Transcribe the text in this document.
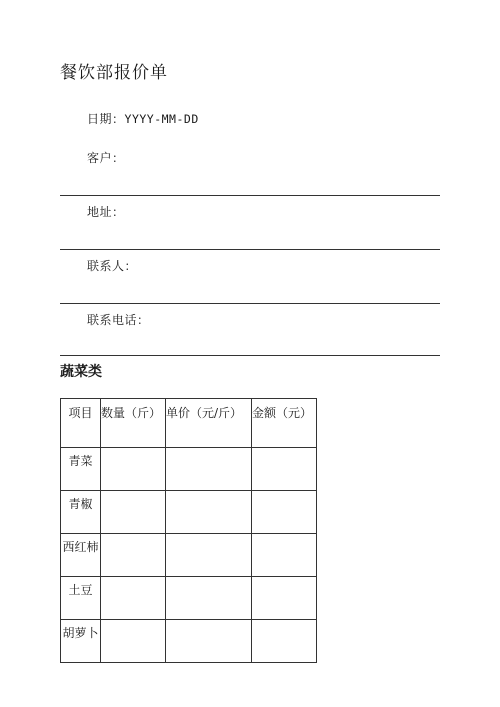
餐饮部报价单
日期：YYYY-MM-DD
客户：
地址：
联系人：
联系电话：
蔬菜类
项目	数量（斤）	单价（元/斤）	金额（元）
青菜			
青椒			
西红柿			
土豆			
胡萝卜			
